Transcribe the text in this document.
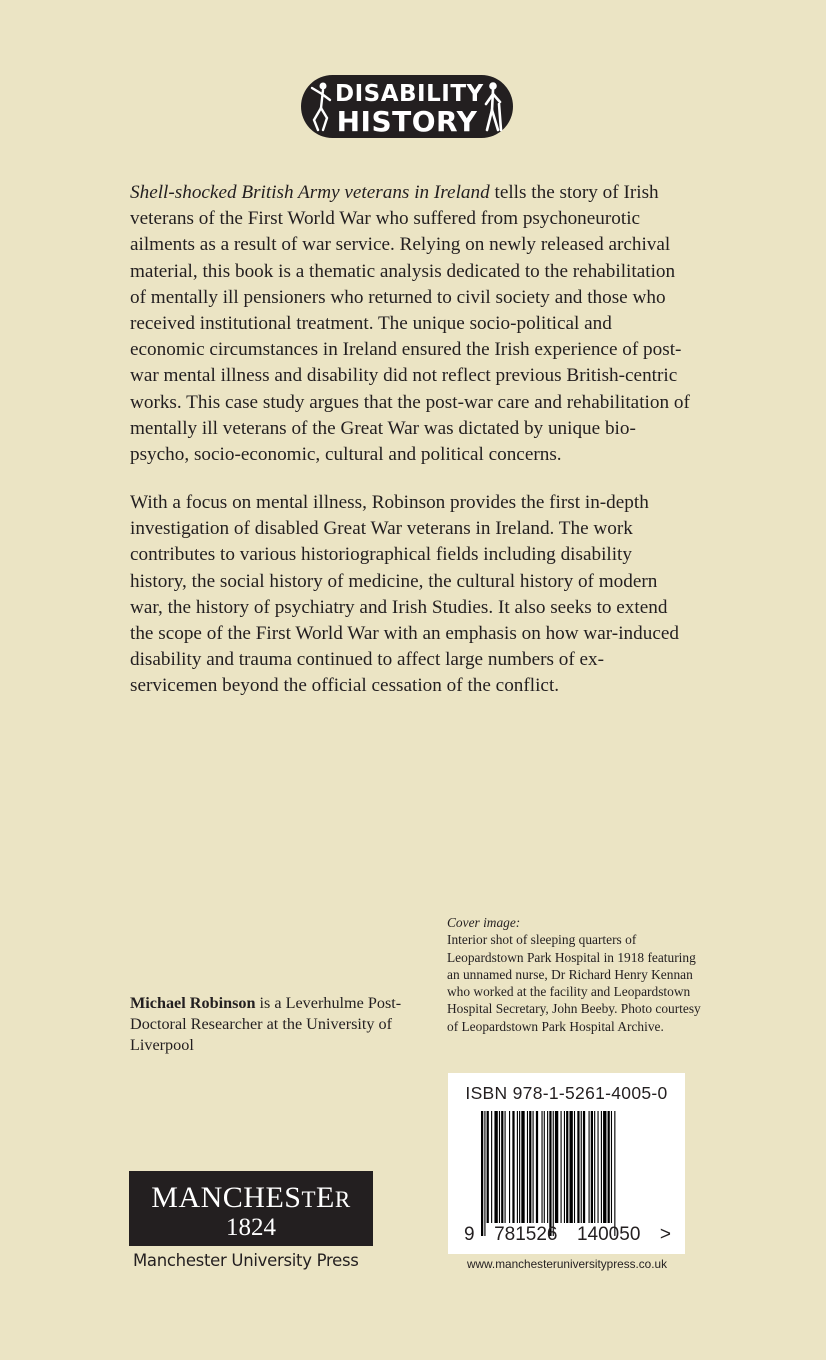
DISABILITY
HISTORY

Shell-shocked British Army veterans in Ireland tells the story of Irish veterans of the First World War who suffered from psychoneurotic ailments as a result of war service. Relying on newly released archival material, this book is a thematic analysis dedicated to the rehabilitation of mentally ill pensioners who returned to civil society and those who received institutional treatment. The unique socio-political and economic circumstances in Ireland ensured the Irish experience of post-war mental illness and disability did not reflect previous British-centric works. This case study argues that the post-war care and rehabilitation of mentally ill veterans of the Great War was dictated by unique bio-psycho, socio-economic, cultural and political concerns.

With a focus on mental illness, Robinson provides the first in-depth investigation of disabled Great War veterans in Ireland. The work contributes to various historiographical fields including disability history, the social history of medicine, the cultural history of modern war, the history of psychiatry and Irish Studies. It also seeks to extend the scope of the First World War with an emphasis on how war-induced disability and trauma continued to affect large numbers of ex-servicemen beyond the official cessation of the conflict.

Cover image:
Interior shot of sleeping quarters of Leopardstown Park Hospital in 1918 featuring an unnamed nurse, Dr Richard Henry Kennan who worked at the facility and Leopardstown Hospital Secretary, John Beeby. Photo courtesy of Leopardstown Park Hospital Archive.

Michael Robinson is a Leverhulme Post-Doctoral Researcher at the University of Liverpool

ISBN 978-1-5261-4005-0
9 781526 140050 >
www.manchesteruniversitypress.co.uk
MANCHESTER
1824
Manchester University Press
